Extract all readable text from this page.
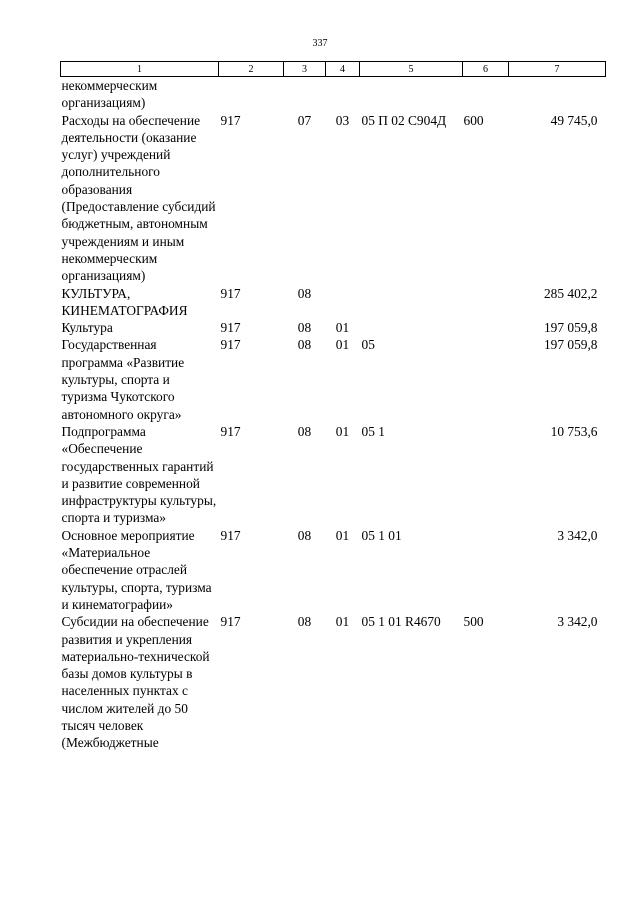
337
1	2	3	4	5	6	7
некоммерческим организациям)						
Расходы на обеспечение деятельности (оказание услуг) учреждений дополнительного образования (Предоставление субсидий бюджетным, автономным учреждениям и иным некоммерческим организациям)	917	07	03	05 П 02 С904Д	600	49 745,0
КУЛЬТУРА, КИНЕМАТОГРАФИЯ	917	08				285 402,2
Культура	917	08	01			197 059,8
Государственная программа «Развитие культуры, спорта и туризма Чукотского автономного округа»	917	08	01	05		197 059,8
Подпрограмма «Обеспечение государственных гарантий и развитие современной инфраструктуры культуры, спорта и туризма»	917	08	01	05 1		10 753,6
Основное мероприятие «Материальное обеспечение отраслей культуры, спорта, туризма и кинематографии»	917	08	01	05 1 01		3 342,0
Субсидии на обеспечение развития и укрепления материально-технической базы домов культуры в населенных пунктах с числом жителей до 50 тысяч человек (Межбюджетные	917	08	01	05 1 01 R4670	500	3 342,0
